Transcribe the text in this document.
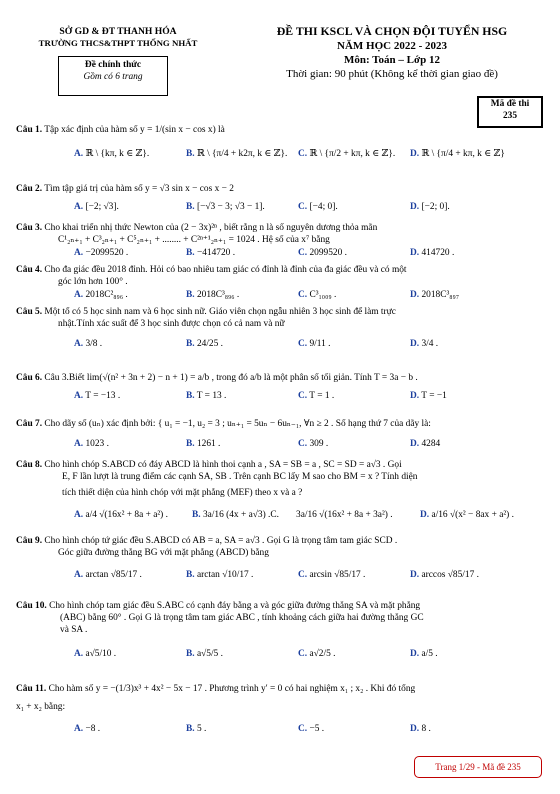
SỞ GD & ĐT THANH HÓA
TRƯỜNG THCS&THPT THỐNG NHẤT
ĐỀ THI KSCL VÀ CHỌN ĐỘI TUYỂN HSG
NĂM HỌC 2022 - 2023
Môn: Toán – Lớp 12
Thời gian: 90 phút (Không kể thời gian giao đề)
Đề chính thức
Gồm có 6 trang
Mã đề thi
235
Câu 1. Tập xác định của hàm số y = 1/(sin x − cos x) là
A. ℝ \ {kπ, k ∈ ℤ}.	B. ℝ \ {π/4 + k2π, k ∈ ℤ}.	C. ℝ \ {π/2 + kπ, k ∈ ℤ}.	D. ℝ \ {π/4 + kπ, k ∈ ℤ}
Câu 2. Tìm tập giá trị của hàm số y = √3 sin x − cos x − 2
A. [−2; √3].	B. [−√3 − 3; √3 − 1].	C. [−4; 0].	D. [−2; 0].
Câu 3. Cho khai triển nhị thức Newton của (2 − 3x)²ⁿ , biết rằng n là số nguyên dương thỏa mãn
C¹₂ₙ₊₁ + C³₂ₙ₊₁ + C⁵₂ₙ₊₁ + ........ + C²ⁿ⁺¹₂ₙ₊₁ = 1024 . Hệ số của x⁷ bằng
A. −2099520 .	B. −414720 .	C. 2099520 .	D. 414720 .
Câu 4. Cho đa giác đều 2018 đỉnh. Hỏi có bao nhiêu tam giác có đỉnh là đỉnh của đa giác đều và có một
góc lớn hơn 100° .
A. 2018C²₈₉₆ .	B. 2018C³₈₉₆ .	C. C³₁₀₀₉ .	D. 2018C³₈₉₇
Câu 5. Một tổ có 5 học sinh nam và 6 học sinh nữ. Giáo viên chọn ngẫu nhiên 3 học sinh để làm trực
nhật.Tính xác suất để 3 học sinh được chọn có cả nam và nữ
A. 3/8 .	B. 24/25 .	C. 9/11 .	D. 3/4 .
Câu 6. Câu 3.Biết lim(√(n² + 3n + 2) − n + 1) = a/b , trong đó a/b là một phân số tối giản. Tính T = 3a − b .
A. T = −13 .	B. T = 13 .	C. T = 1 .	D. T = −1
Câu 7. Cho dãy số (uₙ) xác định bởi: { u₁ = −1, u₂ = 3 ; uₙ₊₁ = 5uₙ − 6uₙ₋₁, ∀n ≥ 2 . Số hạng thứ 7 của dãy là:
A. 1023 .	B. 1261 .	C. 309 .	D. 4284
Câu 8. Cho hình chóp S.ABCD có đáy ABCD là hình thoi cạnh a , SA = SB = a , SC = SD = a√3 . Gọi
E, F lần lượt là trung điểm các cạnh SA, SB . Trên cạnh BC lấy M sao cho BM = x ? Tính diện
tích thiết diện của hình chóp với mặt phẳng (MEF) theo x và a ?
A. a/4 √(16x² + 8a + a²) .	B. 3a/16 (4x + a√3) .C.	3a/16 √(16x² + 8a + 3a²) .	D. a/16 √(x² − 8ax + a²) .
Câu 9. Cho hình chóp tứ giác đều S.ABCD có AB = a, SA = a√3 . Gọi G là trọng tâm tam giác SCD .
Góc giữa đường thẳng BG với mặt phẳng (ABCD) bằng
A. arctan √85/17 .	B. arctan √10/17 .	C. arcsin √85/17 .	D. arccos √85/17 .
Câu 10. Cho hình chóp tam giác đều S.ABC có cạnh đáy bằng a và góc giữa đường thẳng SA và mặt phẳng
(ABC) bằng 60° . Gọi G là trọng tâm tam giác ABC , tính khoảng cách giữa hai đường thẳng GC
và SA .
A. a√5/10 .	B. a√5/5 .	C. a√2/5 .	D. a/5 .
Câu 11. Cho hàm số y = −(1/3)x³ + 4x² − 5x − 17 . Phương trình y′ = 0 có hai nghiệm x₁ ; x₂ . Khi đó tổng
x₁ + x₂ bằng:
A. −8 .	B. 5 .	C. −5 .	D. 8 .
Trang 1/29 - Mã đề 235
